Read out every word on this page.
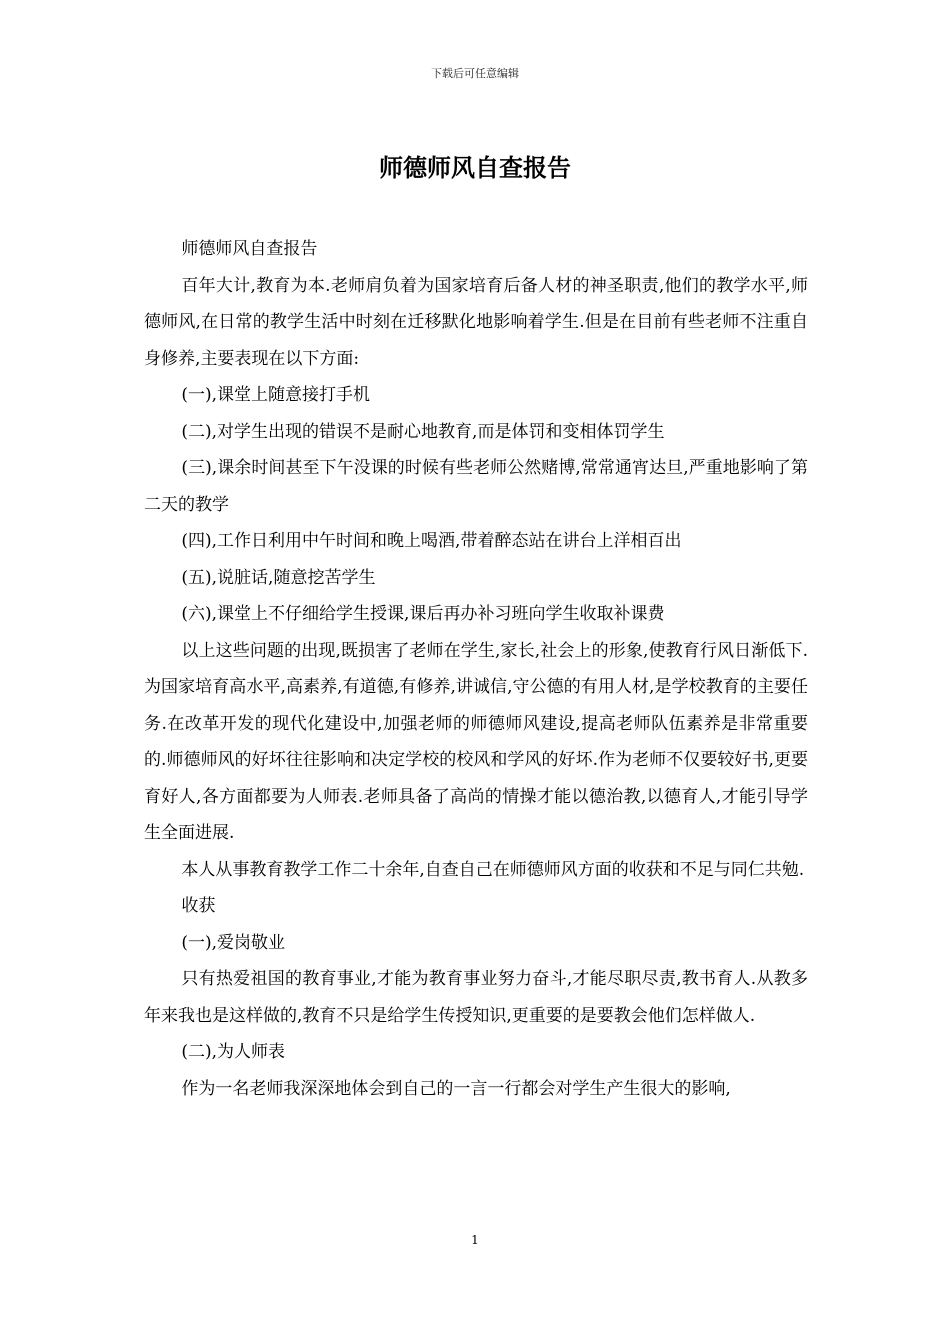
下载后可任意编辑
师德师风自查报告

师德师风自查报告

百年大计,教育为本.老师肩负着为国家培育后备人材的神圣职责,他们的教学水平,师德师风,在日常的教学生活中时刻在迁移默化地影响着学生.但是在目前有些老师不注重自身修养,主要表现在以下方面:

(一),课堂上随意接打手机

(二),对学生出现的错误不是耐心地教育,而是体罚和变相体罚学生

(三),课余时间甚至下午没课的时候有些老师公然赌博,常常通宵达旦,严重地影响了第二天的教学

(四),工作日利用中午时间和晚上喝酒,带着醉态站在讲台上洋相百出

(五),说脏话,随意挖苦学生

(六),课堂上不仔细给学生授课,课后再办补习班向学生收取补课费

以上这些问题的出现,既损害了老师在学生,家长,社会上的形象,使教育行风日渐低下.为国家培育高水平,高素养,有道德,有修养,讲诚信,守公德的有用人材,是学校教育的主要任务.在改革开发的现代化建设中,加强老师的师德师风建设,提高老师队伍素养是非常重要的.师德师风的好坏往往影响和决定学校的校风和学风的好坏.作为老师不仅要较好书,更要育好人,各方面都要为人师表.老师具备了高尚的情操才能以德治教,以德育人,才能引导学生全面进展.

本人从事教育教学工作二十余年,自查自己在师德师风方面的收获和不足与同仁共勉.

收获

(一),爱岗敬业

只有热爱祖国的教育事业,才能为教育事业努力奋斗,才能尽职尽责,教书育人.从教多年来我也是这样做的,教育不只是给学生传授知识,更重要的是要教会他们怎样做人.

(二),为人师表

作为一名老师我深深地体会到自己的一言一行都会对学生产生很大的影响,

1
